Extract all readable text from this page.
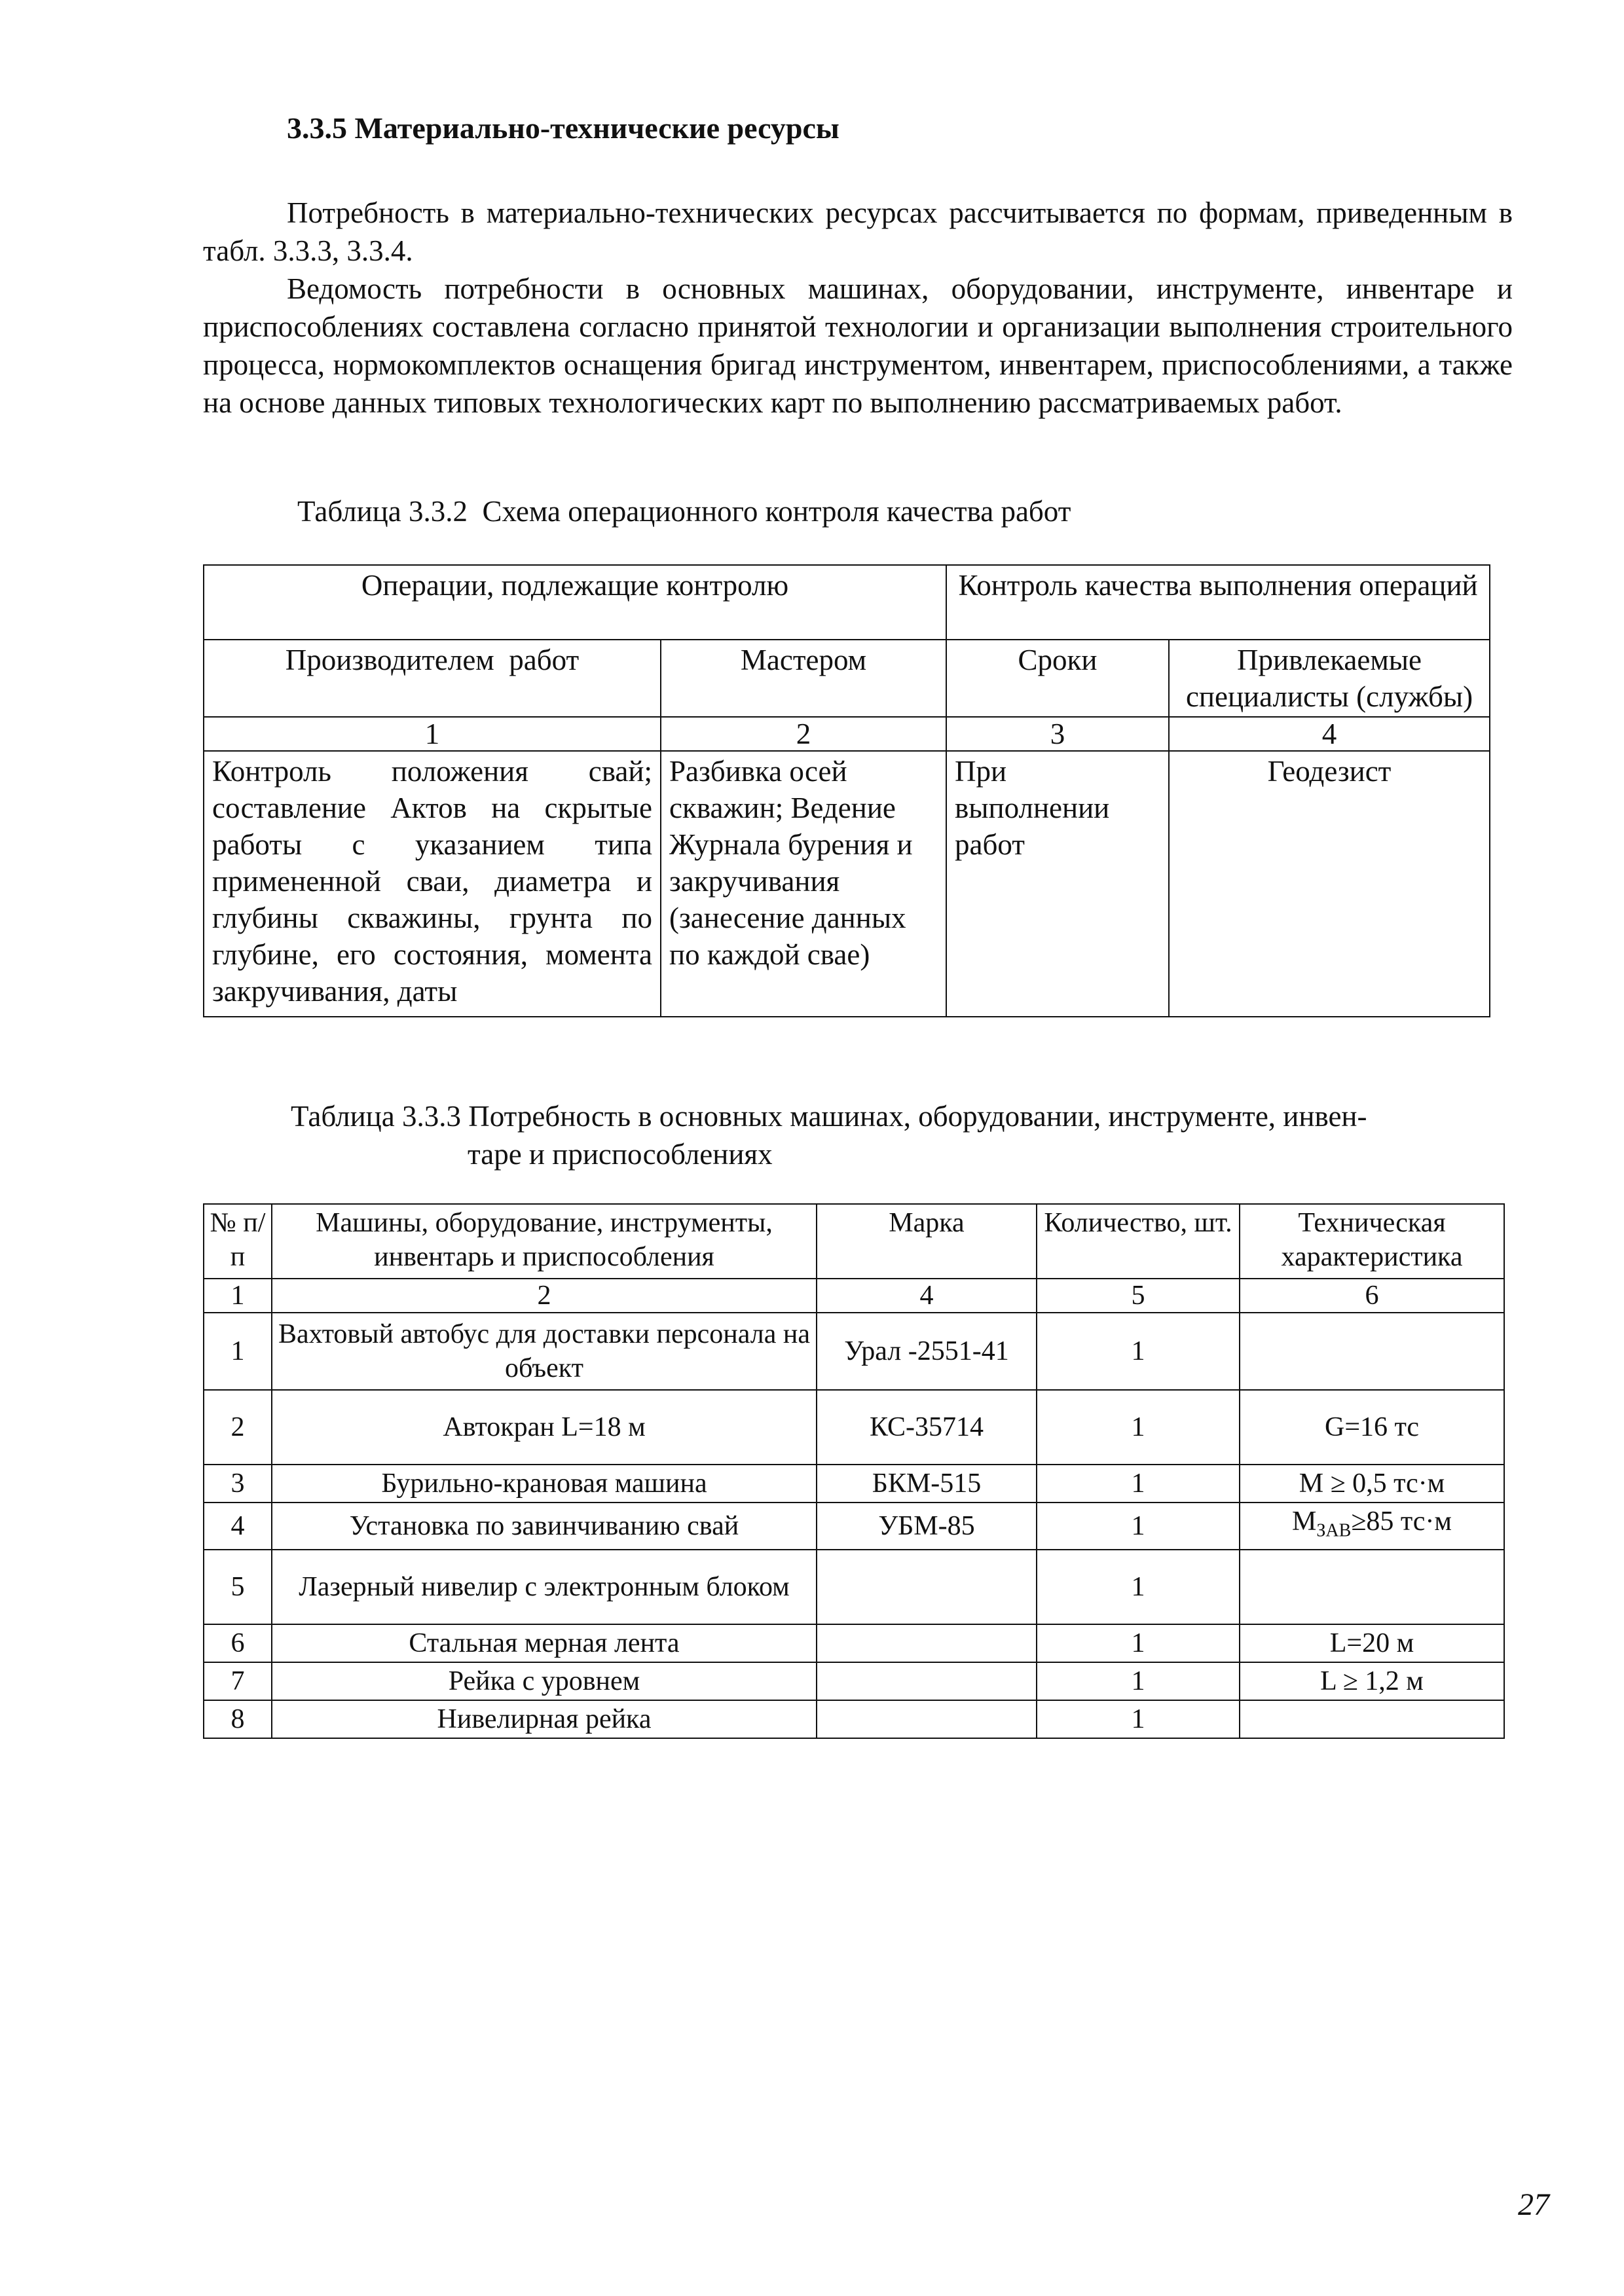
3.3.5 Материально-технические ресурсы

Потребность в материально-технических ресурсах рассчитывается по формам, приведенным в табл. 3.3.3, 3.3.4.

Ведомость потребности в основных машинах, оборудовании, инструменте, инвентаре и приспособлениях составлена согласно принятой технологии и организации выполнения строительного процесса, нормокомплектов оснащения бригад инструментом, инвентарем, приспособлениями, а также на основе данных типовых технологических карт по выполнению рассматриваемых работ.

Таблица 3.3.2  Схема операционного контроля качества работ

Операции, подлежащие контролю		Контроль качества выполнения операций	
Производителем  работ	Мастером	Сроки	Привлекаемые специалисты (службы)
1	2	3	4
Контроль положения свай; составление Актов на скрытые работы с указанием типа примененной сваи, диаметра и глубины скважины, грунта по глубине, его состояния, момента закручивания, даты	Разбивка осей скважин; Ведение Журнала бурения и закручивания (занесение данных по каждой свае)	При выполнении работ	Геодезист

Таблица 3.3.3 Потребность в основных машинах, оборудовании, инструменте, инвен-
таре и приспособлениях

№ п/п	Машины, оборудование, инструменты, инвентарь и приспособления	Марка	Количество, шт.	Техническая характеристика
1	2	4	5	6
1	Вахтовый автобус для доставки персонала на объект	Урал -2551-41	1	
2	Автокран L=18 м	КС-35714	1	G=16 тс
3	Бурильно-крановая машина	БКМ-515	1	М ≥ 0,5 тс·м
4	Установка по завинчиванию свай	УБМ-85	1	$М_{ЗАВ}\ge 85$ тс·м
5	Лазерный нивелир с электронным блоком		1	
6	Стальная мерная лента		1	L=20 м
7	Рейка с уровнем		1	L ≥ 1,2 м
8	Нивелирная рейка		1	

27
